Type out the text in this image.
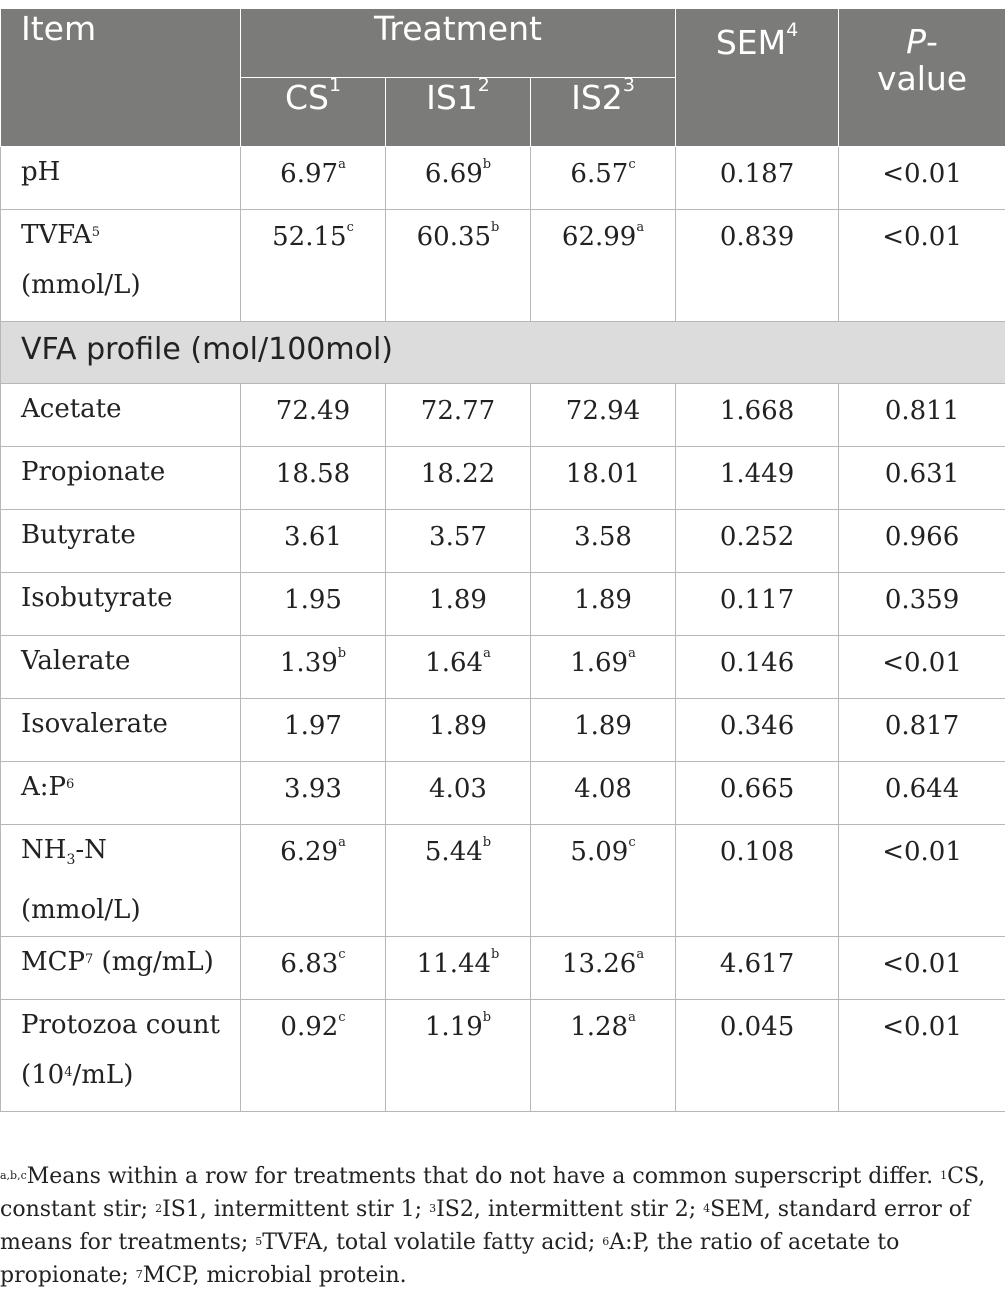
Item	Treatment			SEM$^4$	P-
value
	$CS^1$	$IS1^2$	$IS2^3$
pH	6.97$^a$	6.69$^b$	6.57$^c$	0.187	<0.01
TVFA$^5$
(mmol/L)	52.15$^c$	60.35$^b$	62.99$^a$	0.839	<0.01
VFA profile (mol/100mol)					
Acetate	72.49	72.77	72.94	1.668	0.811
Propionate	18.58	18.22	18.01	1.449	0.631
Butyrate	3.61	3.57	3.58	0.252	0.966
Isobutyrate	1.95	1.89	1.89	0.117	0.359
Valerate	1.39$^b$	1.64$^a$	1.69$^a$	0.146	<0.01
Isovalerate	1.97	1.89	1.89	0.346	0.817
$A:P^6$	3.93	4.03	4.08	0.665	0.644
$NH_3-N$
(mmol/L)	6.29$^a$	5.44$^b$	5.09$^c$	0.108	<0.01
MCP$^7$ (mg/mL)	6.83$^c$	11.44$^b$	13.26$^a$	4.617	<0.01
Protozoa count
$(10^4/mL)$	0.92$^c$	1.19$^b$	1.28$^a$	0.045	<0.01
$^{a,b,c}$Means within a row for treatments that do not have a common superscript differ. $^1$CS, constant stir; $^2$IS1, intermittent stir 1; $^3$IS2, intermittent stir 2; $^4$SEM, standard error of means for treatments; $^5$TVFA, total volatile fatty acid; $^6$A:P, the ratio of acetate to propionate; $^7$MCP, microbial protein.
